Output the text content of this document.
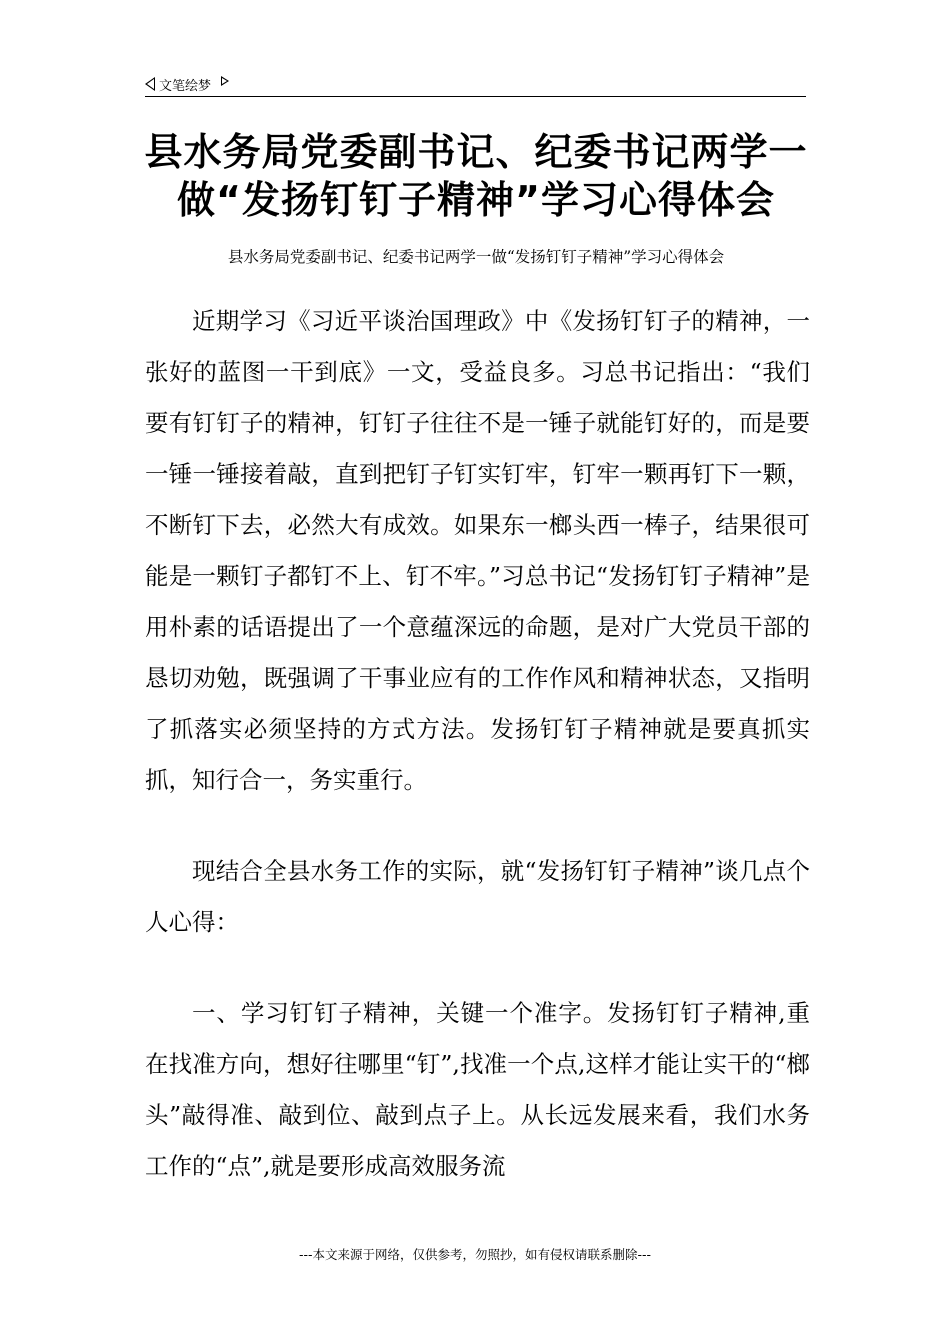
文笔绘梦
县水务局党委副书记、纪委书记两学一做“发扬钉钉子精神”学习心得体会
县水务局党委副书记、纪委书记两学一做“发扬钉钉子精神”学习心得体会

近期学习《习近平谈治国理政》中《发扬钉钉子的精神，一张好的蓝图一干到底》一文，受益良多。习总书记指出：“我们要有钉钉子的精神，钉钉子往往不是一锤子就能钉好的，而是要一锤一锤接着敲，直到把钉子钉实钉牢，钉牢一颗再钉下一颗，不断钉下去，必然大有成效。如果东一榔头西一棒子，结果很可能是一颗钉子都钉不上、钉不牢。”习总书记“发扬钉钉子精神”是用朴素的话语提出了一个意蕴深远的命题，是对广大党员干部的恳切劝勉，既强调了干事业应有的工作作风和精神状态，又指明了抓落实必须坚持的方式方法。发扬钉钉子精神就是要真抓实抓，知行合一，务实重行。

现结合全县水务工作的实际，就“发扬钉钉子精神”谈几点个人心得：

一、学习钉钉子精神，关键一个准字。发扬钉钉子精神,重在找准方向，想好往哪里“钉”,找准一个点,这样才能让实干的“榔头”敲得准、敲到位、敲到点子上。从长远发展来看，我们水务工作的“点”,就是要形成高效服务流

---本文来源于网络，仅供参考，勿照抄，如有侵权请联系删除---
